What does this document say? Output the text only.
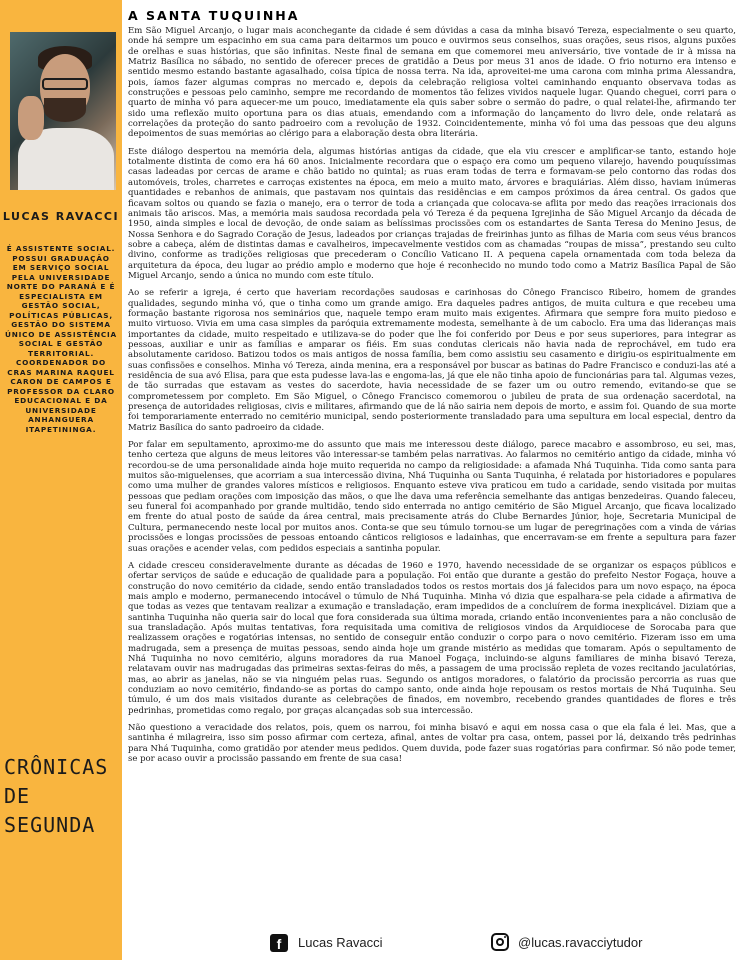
LUCAS RAVACCI
É ASSISTENTE SOCIAL. POSSUI GRADUAÇÃO EM SERVIÇO SOCIAL PELA UNIVERSIDADE NORTE DO PARANÁ E É ESPECIALISTA EM GESTÃO SOCIAL, POLÍTICAS PÚBLICAS, GESTÃO DO SISTEMA ÚNICO DE ASSISTÊNCIA SOCIAL E GESTÃO TERRITORIAL. COORDENADOR DO CRAS MARINA RAQUEL CARON DE CAMPOS E PROFESSOR DA CLARO EDUCACIONAL E DA UNIVERSIDADE ANHANGUERA ITAPETININGA.
CRÔNICAS DE SEGUNDA
A SANTA TUQUINHA

Em São Miguel Arcanjo, o lugar mais aconchegante da cidade é sem dúvidas a casa da minha bisavó Tereza, especialmente o seu quarto, onde há sempre um espacinho em sua cama para deitarmos um pouco e ouvirmos seus conselhos, suas orações, seus risos, alguns puxões de orelhas e suas histórias, que são infinitas. Neste final de semana em que comemorei meu aniversário, tive vontade de ir à missa na Matriz Basílica no sábado, no sentido de oferecer preces de gratidão a Deus por meus 31 anos de idade. O frio noturno era intenso e sentido mesmo estando bastante agasalhado, coisa típica de nossa terra. Na ida, aproveitei-me uma carona com minha prima Alessandra, pois, íamos fazer algumas compras no mercado e, depois da celebração religiosa voltei caminhando enquanto observava todas as construções e pessoas pelo caminho, sempre me recordando de momentos tão felizes vividos naquele lugar. Quando cheguei, corri para o quarto de minha vó para aquecer-me um pouco, imediatamente ela quis saber sobre o sermão do padre, o qual relatei-lhe, afirmando ter sido uma reflexão muito oportuna para os dias atuais, emendando com a informação do lançamento do livro dele, onde relatará as correlações da proteção do santo padroeiro com a revolução de 1932. Coincidentemente, minha vó foi uma das pessoas que deu alguns depoimentos de suas memórias ao clérigo para a elaboração desta obra literária.

Este diálogo despertou na memória dela, algumas histórias antigas da cidade, que ela viu crescer e amplificar-se tanto, estando hoje totalmente distinta de como era há 60 anos. Inicialmente recordara que o espaço era como um pequeno vilarejo, havendo pouquíssimas casas ladeadas por cercas de arame e chão batido no quintal; as ruas eram todas de terra e formavam-se pelo contorno das rodas dos automóveis, troles, charretes e carroças existentes na época, em meio a muito mato, árvores e braquiárias. Além disso, haviam inúmeras quantidades e rebanhos de animais, que pastavam nos quintais das residências e em campos próximos da área central. Os gados que ficavam soltos ou quando se fazia o manejo, era o terror de toda a criançada que colocava-se aflita por medo das reações irracionais dos animais tão ariscos. Mas, a memória mais saudosa recordada pela vó Tereza é da pequena Igrejinha de São Miguel Arcanjo da década de 1950, ainda simples e local de devoção, de onde saiam as belíssimas procissões com os estandartes de Santa Teresa do Menino Jesus, de Nossa Senhora e do Sagrado Coração de Jesus, ladeados por crianças trajadas de freirinhas junto as filhas de Maria com seus véus brancos sobre a cabeça, além de distintas damas e cavalheiros, impecavelmente vestidos com as chamadas “roupas de missa”, prestando seu culto divino, conforme as tradições religiosas que precederam o Concílio Vaticano II. A pequena capela ornamentada com toda beleza da arquitetura da época, deu lugar ao prédio amplo e moderno que hoje é reconhecido no mundo todo como a Matriz Basílica Papal de São Miguel Arcanjo, sendo a única no mundo com este título.

Ao se referir a igreja, é certo que haveriam recordações saudosas e carinhosas do Cônego Francisco Ribeiro, homem de grandes qualidades, segundo minha vó, que o tinha como um grande amigo. Era daqueles padres antigos, de muita cultura e que recebeu uma formação bastante rigorosa nos seminários que, naquele tempo eram muito mais exigentes. Afirmara que sempre fora muito piedoso e muito virtuoso. Vivia em uma casa simples da paróquia extremamente modesta, semelhante à de um caboclo. Era uma das lideranças mais importantes da cidade, muito respeitado e utilizava-se do poder que lhe foi conferido por Deus e por seus superiores, para integrar as pessoas, auxiliar e unir as famílias e amparar os fiéis. Em suas condutas clericais não havia nada de reprochável, em tudo era absolutamente caridoso. Batizou todos os mais antigos de nossa família, bem como assistiu seu casamento e dirigiu-os espiritualmente em suas confissões e conselhos. Minha vó Tereza, ainda menina, era a responsável por buscar as batinas do Padre Francisco e conduzi-las até a residência de sua avó Elisa, para que esta pudesse lava-las e engoma-las, já que ele não tinha apoio de funcionárias para tal. Algumas vezes, de tão surradas que estavam as vestes do sacerdote, havia necessidade de se fazer um ou outro remendo, evitando-se que se comprometessem por completo. Em São Miguel, o Cônego Francisco comemorou o jubileu de prata de sua ordenação sacerdotal, na presença de autoridades religiosas, civis e militares, afirmando que de lá não sairia nem depois de morto, e assim foi. Quando de sua morte foi temporariamente enterrado no cemitério municipal, sendo posteriormente transladado para uma sepultura em local especial, dentro da Matriz Basílica do santo padroeiro da cidade.

Por falar em sepultamento, aproximo-me do assunto que mais me interessou deste diálogo, parece macabro e assombroso, eu sei, mas, tenho certeza que alguns de meus leitores vão interessar-se também pelas narrativas. Ao falarmos no cemitério antigo da cidade, minha vó recordou-se de uma personalidade ainda hoje muito requerida no campo da religiosidade: a afamada Nhá Tuquinha. Tida como santa para muitos são-miguelenses, que acorriam a sua intercessão divina, Nhá Tuquinha ou Santa Tuquinha, é relatada por historiadores e populares como uma mulher de grandes valores místicos e religiosos. Enquanto esteve viva praticou em tudo a caridade, sendo visitada por muitas pessoas que pediam orações com imposição das mãos, o que lhe dava uma referência semelhante das antigas benzedeiras. Quando faleceu, seu funeral foi acompanhado por grande multidão, tendo sido enterrada no antigo cemitério de São Miguel Arcanjo, que ficava localizado em frente do atual posto de saúde da área central, mais precisamente atrás do Clube Bernardes Júnior, hoje, Secretaria Municipal de Cultura, permanecendo neste local por muitos anos. Conta-se que seu túmulo tornou-se um lugar de peregrinações com a vinda de várias procissões e longas procissões de pessoas entoando cânticos religiosos e ladainhas, que encerravam-se em frente a sepultura para fazer suas orações e acender velas, com pedidos especiais a santinha popular.

A cidade cresceu consideravelmente durante as décadas de 1960 e 1970, havendo necessidade de se organizar os espaços públicos e ofertar serviços de saúde e educação de qualidade para a população. Foi então que durante a gestão do prefeito Nestor Fogaça, houve a construção do novo cemitério da cidade, sendo então transladados todos os restos mortais dos já falecidos para um novo espaço, na época mais amplo e moderno, permanecendo intocável o túmulo de Nhá Tuquinha. Minha vó dizia que espalhara-se pela cidade a afirmativa de que todas as vezes que tentavam realizar a exumação e transladação, eram impedidos de a concluírem de forma inexplicável. Diziam que a santinha Tuquinha não queria sair do local que fora considerada sua última morada, criando então inconvenientes para a não conclusão de sua transladação. Após muitas tentativas, fora requisitada uma comitiva de religiosos vindos da Arquidiocese de Sorocaba para que realizassem orações e rogatórias intensas, no sentido de conseguir então conduzir o corpo para o novo cemitério. Fizeram isso em uma madrugada, sem a presença de muitas pessoas, sendo ainda hoje um grande mistério as medidas que tomaram. Após o sepultamento de Nhá Tuquinha no novo cemitério, alguns moradores da rua Manoel Fogaça, incluindo-se alguns familiares de minha bisavó Tereza, relatavam ouvir nas madrugadas das primeiras sextas-feiras do mês, a passagem de uma procissão repleta de vozes recitando jaculatórias, mas, ao abrir as janelas, não se via ninguém pelas ruas. Segundo os antigos moradores, o falatório da procissão percorria as ruas que conduziam ao novo cemitério, findando-se as portas do campo santo, onde ainda hoje repousam os restos mortais de Nhá Tuquinha. Seu túmulo, é um dos mais visitados durante as celebrações de finados, em novembro, recebendo grandes quantidades de flores e três pedrinhas, prometidas como regalo, por graças alcançadas sob sua intercessão.

Não questiono a veracidade dos relatos, pois, quem os narrou, foi minha bisavó e aqui em nossa casa o que ela fala é lei. Mas, que a santinha é milagreira, isso sim posso afirmar com certeza, afinal, antes de voltar pra casa, ontem, passei por lá, deixando três pedrinhas para Nhá Tuquinha, como gratidão por atender meus pedidos. Quem duvida, pode fazer suas rogatórias para confirmar. Só não pode temer, se por acaso ouvir a procissão passando em frente de sua casa!

f	Lucas Ravacci	@lucas.ravacciytudor
